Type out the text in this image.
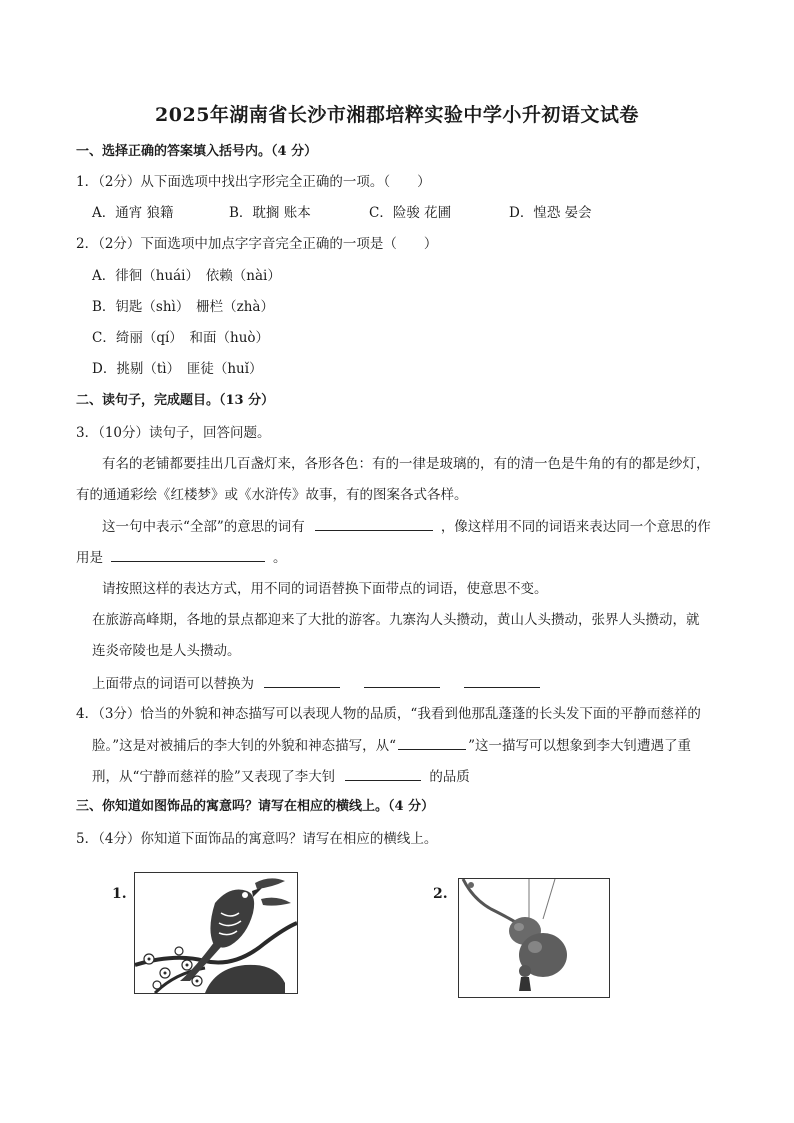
2025年湖南省长沙市湘郡培粹实验中学小升初语文试卷
一、选择正确的答案填入括号内。（4 分）
1．（2分）从下面选项中找出字形完全正确的一项。（　　）
A．通宵 狼籍	B．耽搁 账本	C．险骏 花圃	D．惶恐 晏会
2．（2分）下面选项中加点字字音完全正确的一项是（　　）
A．徘徊（huái）　依赖（nài）
B．钥匙（shì）　栅栏（zhà）
C．绮丽（qí）　和面（huò）
D．挑剔（tì）　匪徒（huǐ）
二、读句子，完成题目。（13 分）
3．（10分）读句子，回答问题。
有名的老铺都要挂出几百盏灯来，各形各色：有的一律是玻璃的，有的清一色是牛角的有的都是纱灯，
有的通通彩绘《红楼梦》或《水浒传》故事，有的图案各式各样。
这一句中表示“全部”的意思的词有	，像这样用不同的词语来表达同一个意思的作
用是	。
请按照这样的表达方式，用不同的词语替换下面带点的词语，使意思不变。
在旅游高峰期，各地的景点都迎来了大批的游客。九寨沟人头攒动，黄山人头攒动，张界人头攒动，就
连炎帝陵也是人头攒动。
上面带点的词语可以替换为
4．（3分）恰当的外貌和神态描写可以表现人物的品质，“我看到他那乱蓬蓬的长头发下面的平静而慈祥的
脸。”这是对被捕后的李大钊的外貌和神态描写，从“	”这一描写可以想象到李大钊遭遇了重
刑，从“宁静而慈祥的脸”又表现了李大钊	的品质
三、你知道如图饰品的寓意吗？请写在相应的横线上。（4 分）
5．（4分）你知道下面饰品的寓意吗？请写在相应的横线上。
1.	2.
